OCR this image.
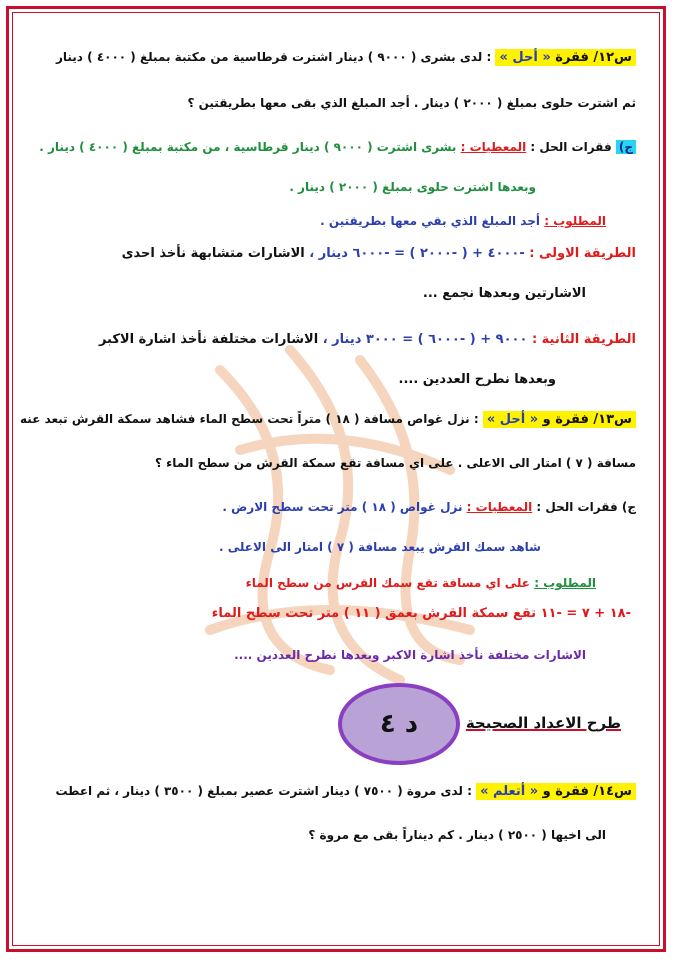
س١٢/ فقرة « أحل » : لدى بشرى ( ٩٠٠٠ ) دينار اشترت قرطاسية من مكتبة بمبلغ ( ٤٠٠٠ ) دينار
ثم اشترت حلوى بمبلغ ( ٢٠٠٠ ) دينار . أجد المبلغ الذي بقى معها بطريقتين ؟
ج) فقرات الحل : المعطيات : بشرى اشترت ( ٩٠٠٠ ) دينار قرطاسية ، من مكتبة بمبلغ ( ٤٠٠٠ ) دينار .
وبعدها اشترت حلوى بمبلغ ( ٢٠٠٠ ) دينار .
المطلوب : أجد المبلغ الذي بقي معها بطريقتين .
الطريقة الاولى : -٤٠٠٠ + ( -٢٠٠٠ ) = -٦٠٠٠ دينار ، الاشارات متشابهة نأخذ احدى
الاشارتين وبعدها نجمع ...
الطريقة الثانية : ٩٠٠٠ + ( -٦٠٠٠ ) = ٣٠٠٠ دينار ، الاشارات مختلفة نأخذ اشارة الاكبر
وبعدها نطرح العددين ....
س١٣/ فقرة و « أحل » : نزل غواص مسافة ( ١٨ ) متراً تحت سطح الماء فشاهد سمكة القرش تبعد عنه
مسافة ( ٧ ) امتار الى الاعلى . على اي مسافة تقع سمكة القرش من سطح الماء ؟
ج) فقرات الحل : المعطيات : نزل غواص ( ١٨ ) متر تحت سطح الارض .
شاهد سمك القرش يبعد مسافة ( ٧ ) امتار الى الاعلى .
المطلوب : على اي مسافة تقع سمك القرس من سطح الماء
-١٨ + ٧ = -١١ تقع سمكة القرش بعمق ( ١١ ) متر تحت سطح الماء
الاشارات مختلفة نأخذ اشارة الاكبر وبعدها نطرح العددين ....
طرح الاعداد الصحيحة
د ٤
س١٤/ فقرة و « أتعلم » : لدى مروة ( ٧٥٠٠ ) دينار اشترت عصير بمبلغ ( ٣٥٠٠ ) دينار ، ثم اعطت
الى اخيها ( ٢٥٠٠ ) دينار . كم ديناراً بقى مع مروة ؟
